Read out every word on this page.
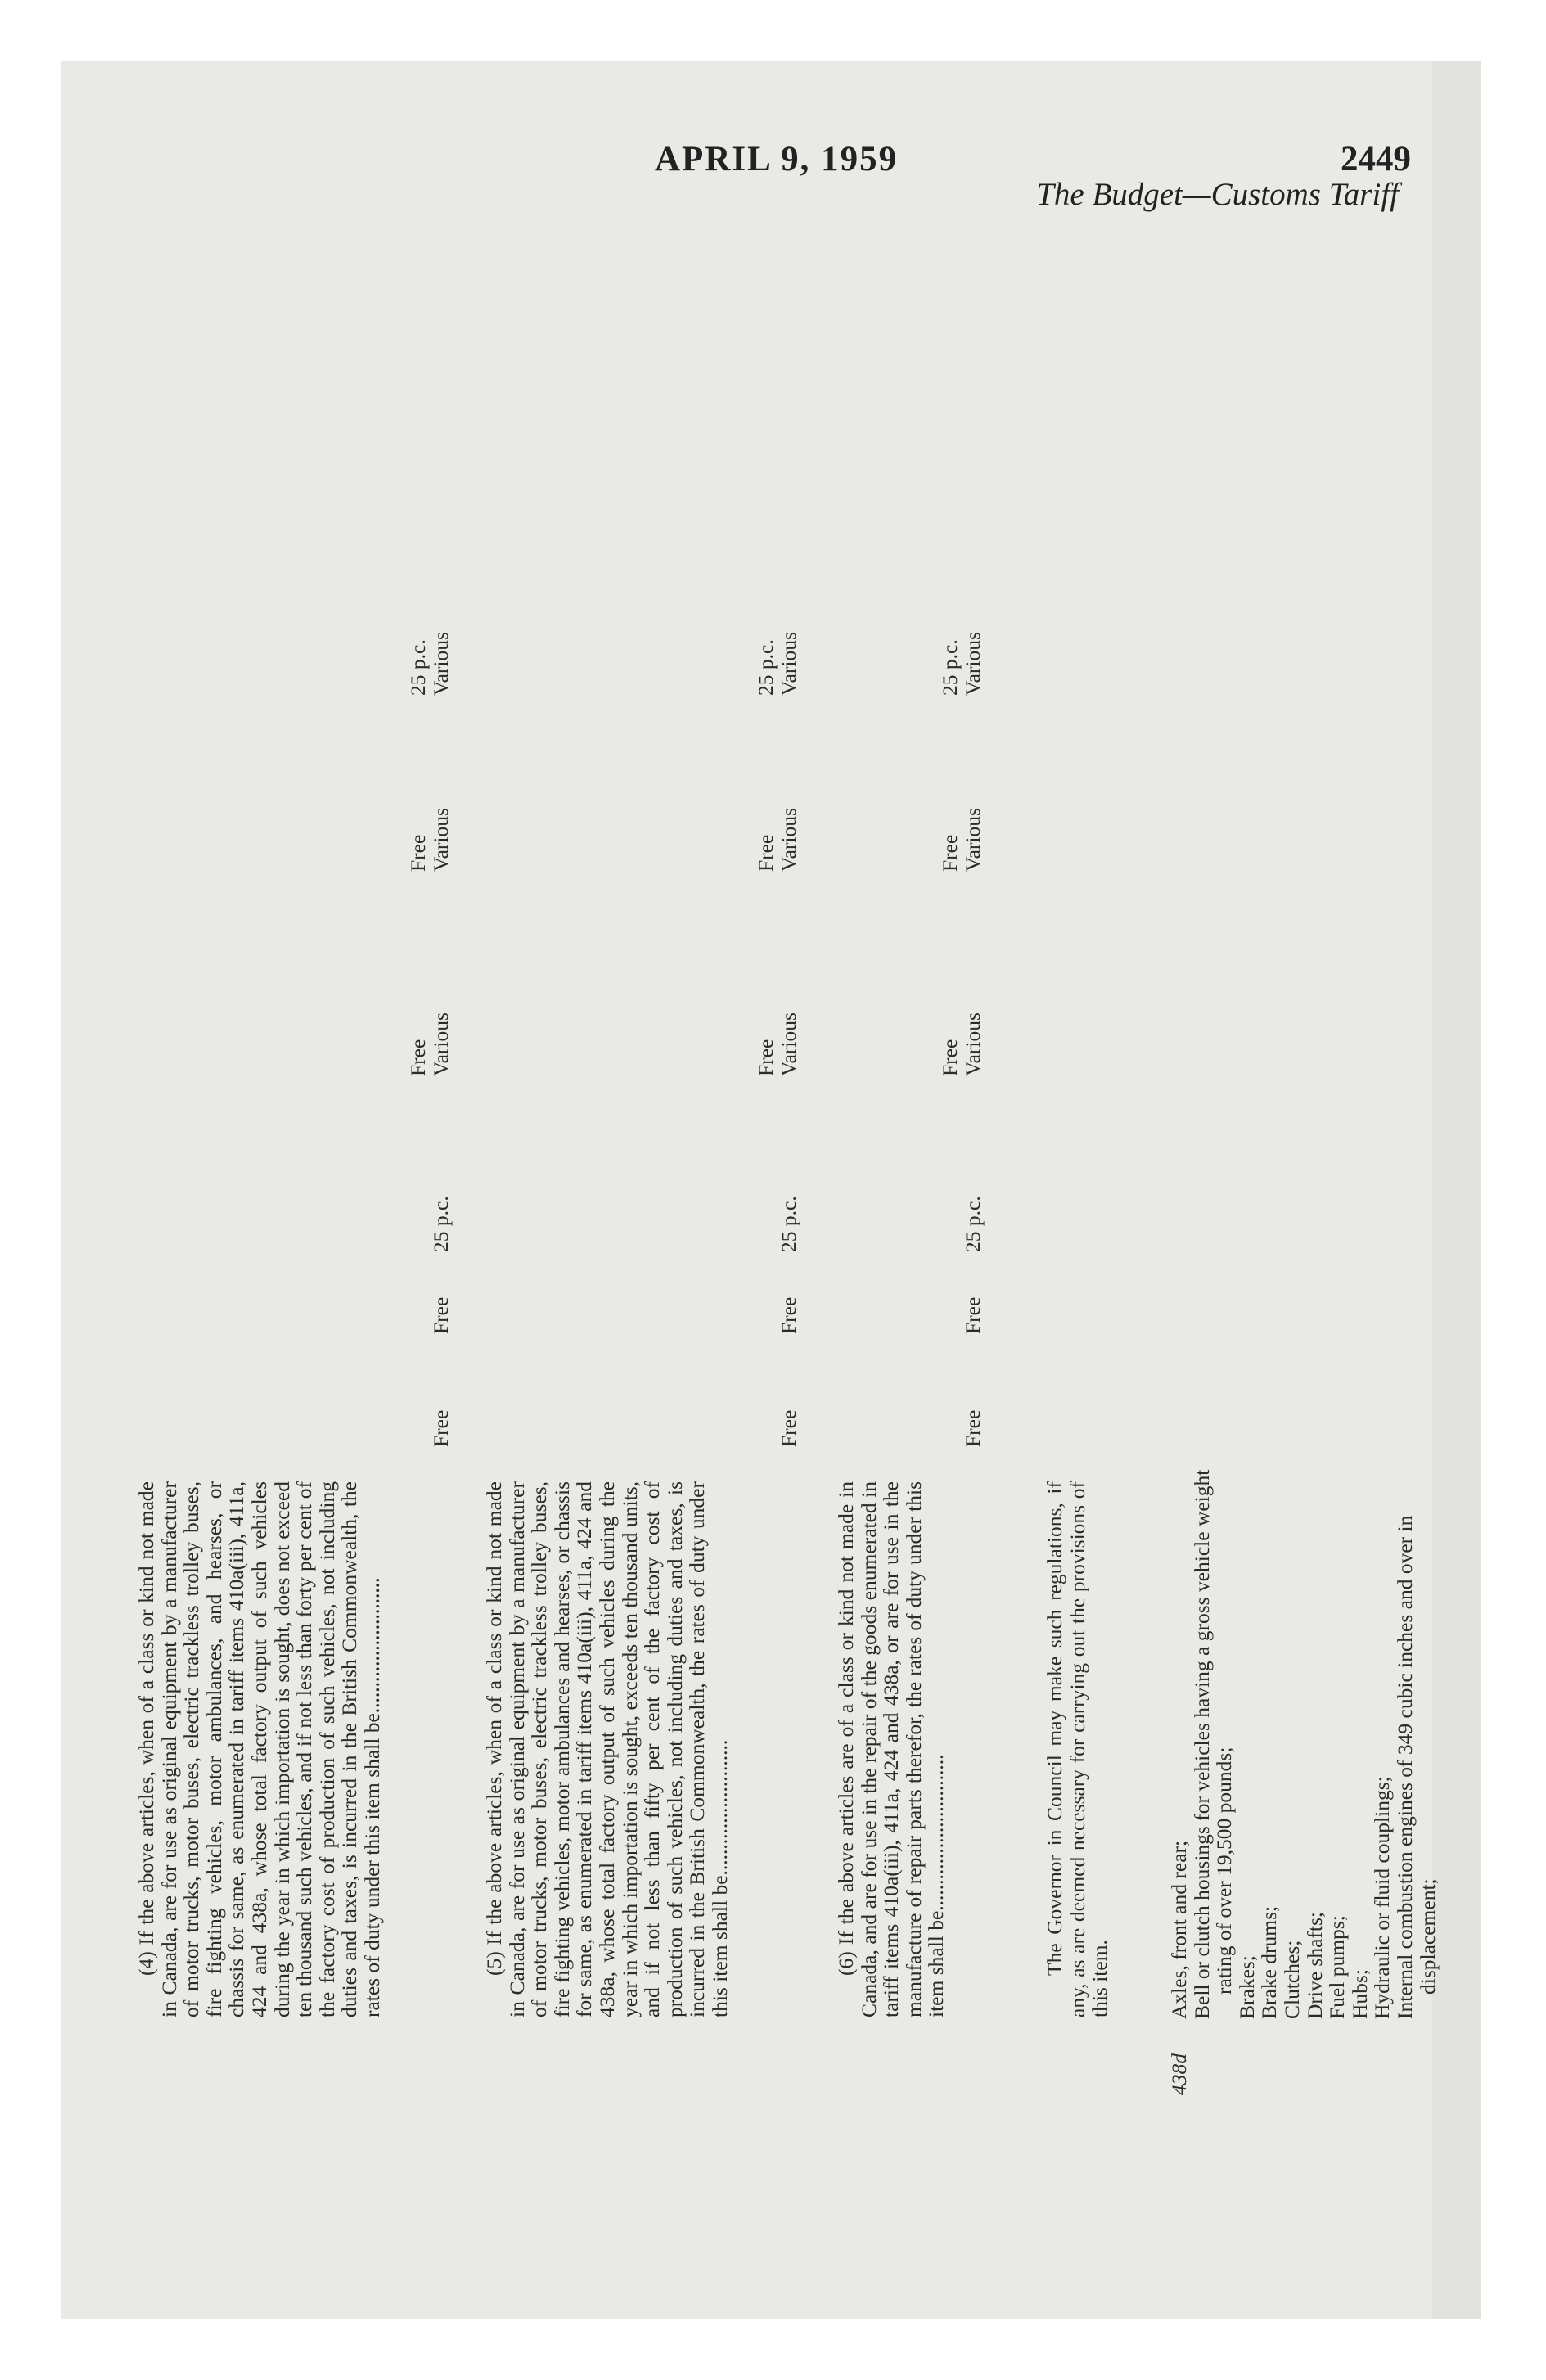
APRIL 9, 1959	2449
The Budget—Customs Tariff
(4) If the above articles, when of a class or kind not made in Canada, are for use as original equipment by a manufacturer of motor trucks, motor buses, electric trackless trolley buses, fire fighting vehicles, motor ambulances, and hearses, or chassis for same, as enumerated in tariff items 410a(iii), 411a, 424 and 438a, whose total factory output of such vehicles during the year in which importation is sought, does not exceed ten thousand such vehicles, and if not less than forty per cent of the factory cost of production of such vehicles, not including duties and taxes, is incurred in the British Commonwealth, the rates of duty under this item shall be..........................
Free
Free
25 p.c.
Free
Various
Free
Various
25 p.c.
Various
(5) If the above articles, when of a class or kind not made in Canada, are for use as original equipment by a manufacturer of motor trucks, motor buses, electric trackless trolley buses, fire fighting vehicles, motor ambulances and hearses, or chassis for same, as enumerated in tariff items 410a(iii), 411a, 424 and 438a, whose total factory output of such vehicles during the year in which importation is sought, exceeds ten thousand units, and if not less than fifty per cent of the factory cost of production of such vehicles, not including duties and taxes, is incurred in the British Commonwealth, the rates of duty under this item shall be..........................
Free
Free
25 p.c.
Free
Various
Free
Various
25 p.c.
Various
(6) If the above articles are of a class or kind not made in Canada, and are for use in the repair of the goods enumerated in tariff items 410a(iii), 411a, 424 and 438a, or are for use in the manufacture of repair parts therefor, the rates of duty under this item shall be..............................
Free
Free
25 p.c.
Free
Various
Free
Various
25 p.c.
Various
The Governor in Council may make such regulations, if any, as are deemed necessary for carrying out the provisions of this item.
438d
Axles, front and rear;
Bell or clutch housings for vehicles having a gross vehicle weight rating of over 19,500 pounds;
Brakes;
Brake drums;
Clutches;
Drive shafts;
Fuel pumps;
Hubs;
Hydraulic or fluid couplings;
Internal combustion engines of 349 cubic inches and over in displacement;
